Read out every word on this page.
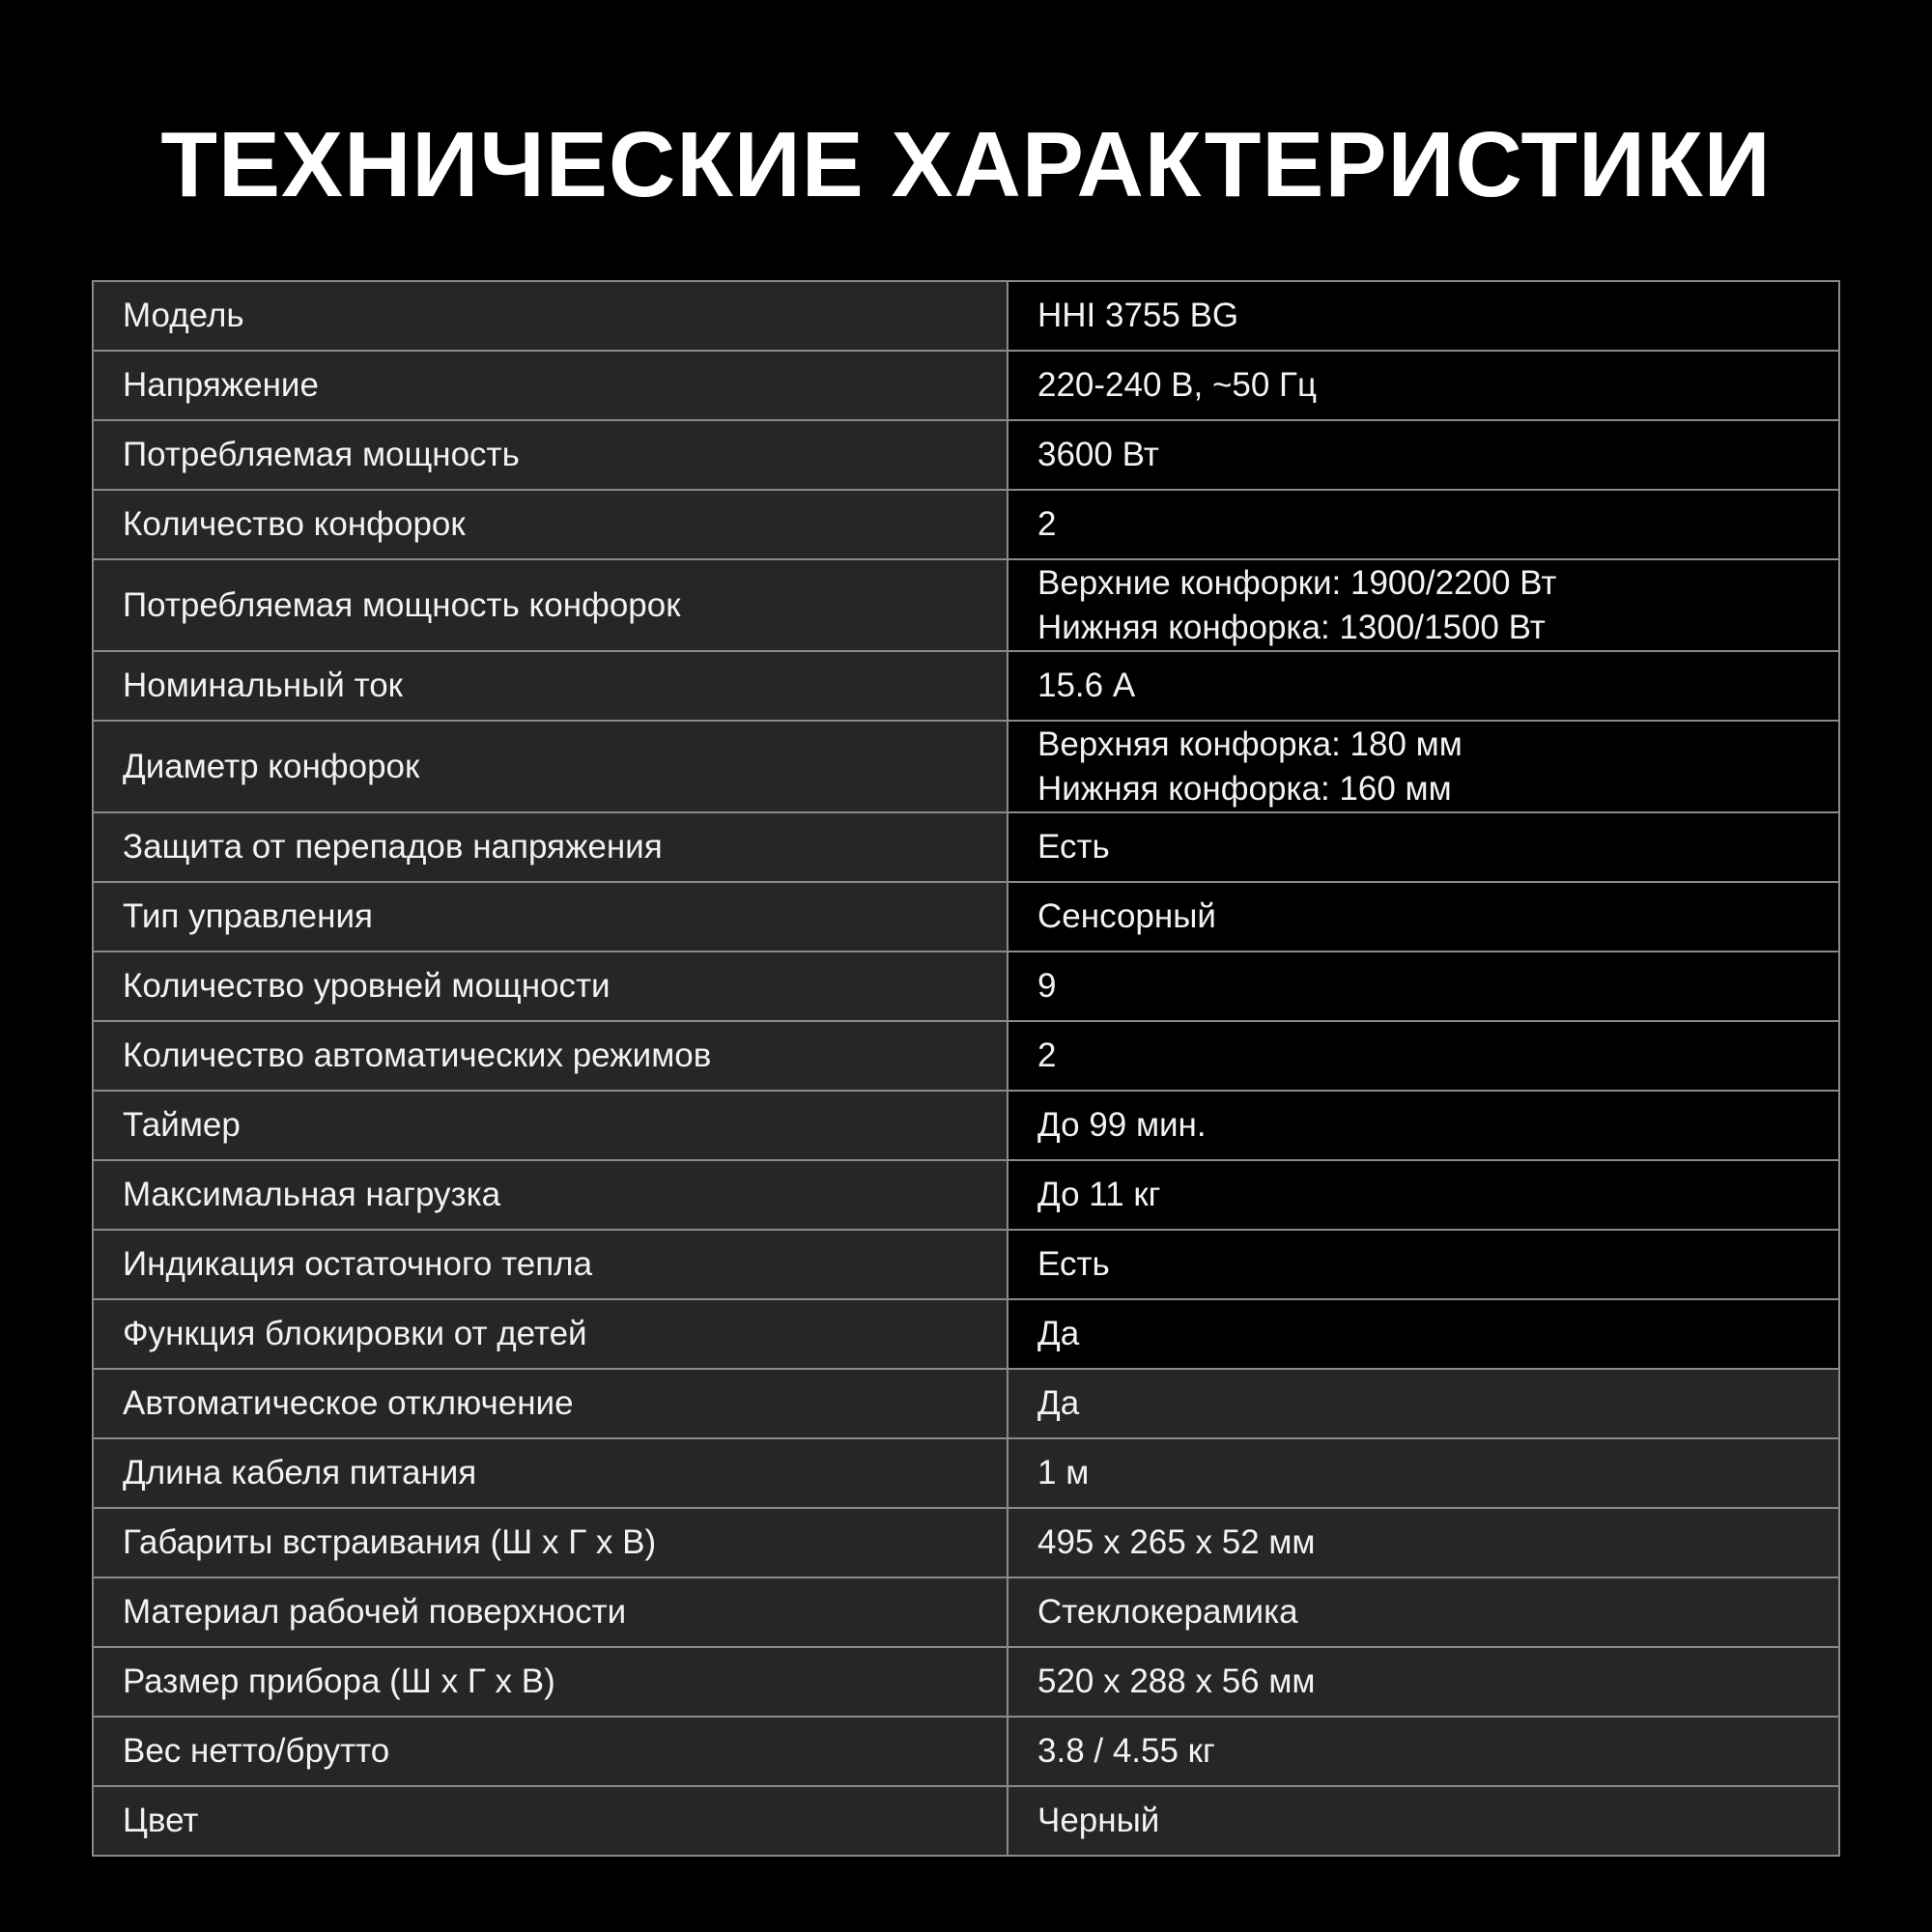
ТЕХНИЧЕСКИЕ ХАРАКТЕРИСТИКИ
Модель	HHI 3755 BG
Напряжение	220-240 В, ~50 Гц
Потребляемая мощность	3600 Вт
Количество конфорок	2
Потребляемая мощность конфорок	Верхние конфорки: 1900/2200 Вт
Нижняя конфорка: 1300/1500 Вт
Номинальный ток	15.6 А
Диаметр конфорок	Верхняя конфорка: 180 мм
Нижняя конфорка: 160 мм
Защита от перепадов напряжения	Есть
Тип управления	Сенсорный
Количество уровней мощности	9
Количество автоматических режимов	2
Таймер	До 99 мин.
Максимальная нагрузка	До 11 кг
Индикация остаточного тепла	Есть
Функция блокировки от детей	Да
Автоматическое отключение	Да
Длина кабеля питания	1 м
Габариты встраивания (Ш х Г х В)	495 х 265 х 52 мм
Материал рабочей поверхности	Стеклокерамика
Размер прибора (Ш х Г х В)	520 х 288 х 56 мм
Вес нетто/брутто	3.8 / 4.55 кг
Цвет	Черный
